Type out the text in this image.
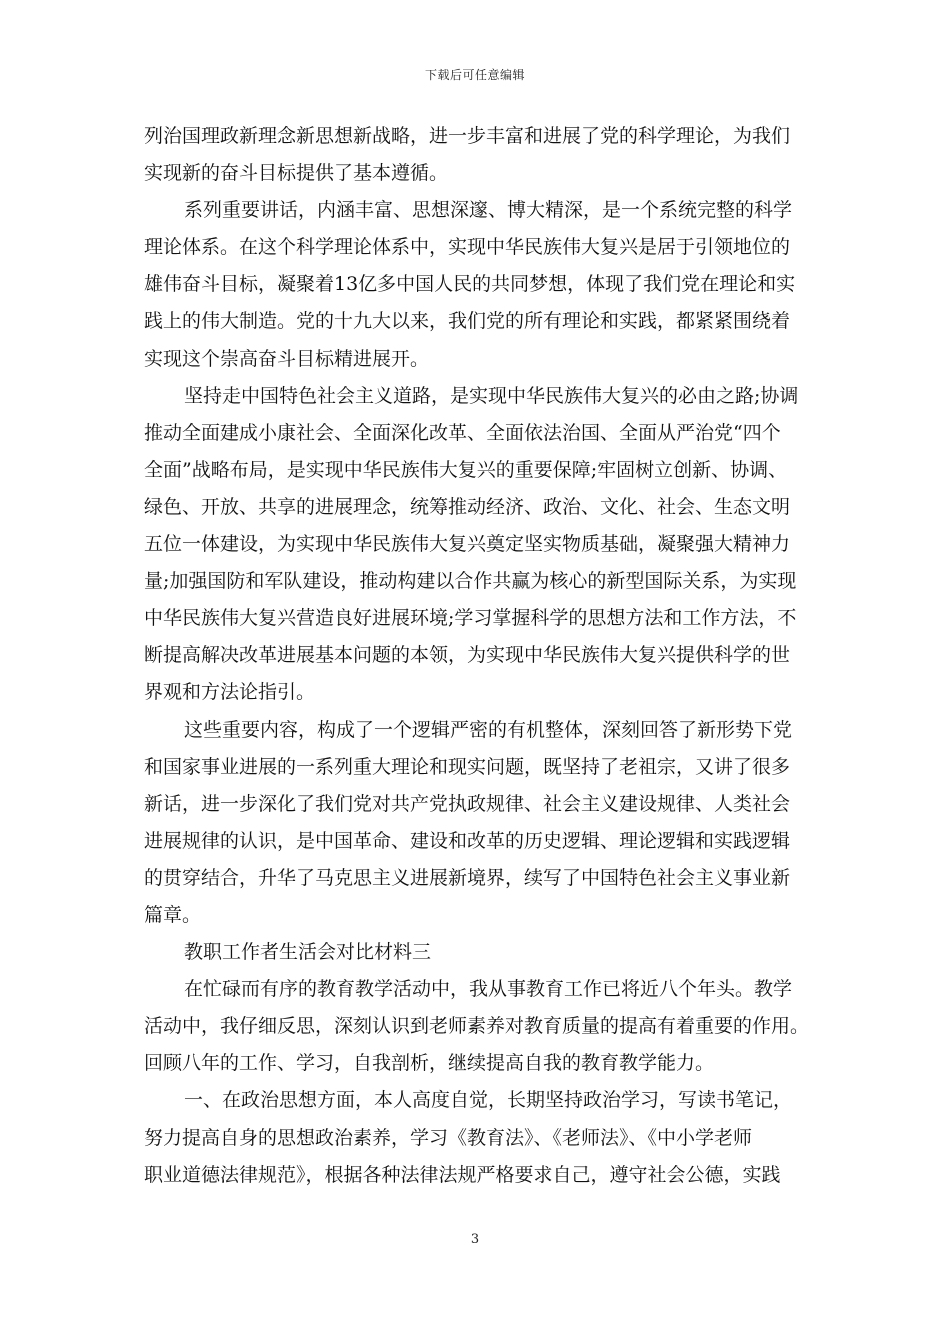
下载后可任意编辑
列治国理政新理念新思想新战略，进一步丰富和进展了党的科学理论，为我们
实现新的奋斗目标提供了基本遵循。
系列重要讲话，内涵丰富、思想深邃、博大精深，是一个系统完整的科学
理论体系。在这个科学理论体系中，实现中华民族伟大复兴是居于引领地位的
雄伟奋斗目标，凝聚着13亿多中国人民的共同梦想，体现了我们党在理论和实
践上的伟大制造。党的十九大以来，我们党的所有理论和实践，都紧紧围绕着
实现这个崇高奋斗目标精进展开。
坚持走中国特色社会主义道路，是实现中华民族伟大复兴的必由之路;协调
推动全面建成小康社会、全面深化改革、全面依法治国、全面从严治党“四个
全面”战略布局，是实现中华民族伟大复兴的重要保障;牢固树立创新、协调、
绿色、开放、共享的进展理念，统筹推动经济、政治、文化、社会、生态文明
五位一体建设，为实现中华民族伟大复兴奠定坚实物质基础，凝聚强大精神力
量;加强国防和军队建设，推动构建以合作共赢为核心的新型国际关系，为实现
中华民族伟大复兴营造良好进展环境;学习掌握科学的思想方法和工作方法，不
断提高解决改革进展基本问题的本领，为实现中华民族伟大复兴提供科学的世
界观和方法论指引。
这些重要内容，构成了一个逻辑严密的有机整体，深刻回答了新形势下党
和国家事业进展的一系列重大理论和现实问题，既坚持了老祖宗，又讲了很多
新话，进一步深化了我们党对共产党执政规律、社会主义建设规律、人类社会
进展规律的认识，是中国革命、建设和改革的历史逻辑、理论逻辑和实践逻辑
的贯穿结合，升华了马克思主义进展新境界，续写了中国特色社会主义事业新
篇章。
教职工作者生活会对比材料三
在忙碌而有序的教育教学活动中，我从事教育工作已将近八个年头。教学
活动中，我仔细反思，深刻认识到老师素养对教育质量的提高有着重要的作用。
回顾八年的工作、学习，自我剖析，继续提高自我的教育教学能力。
一、在政治思想方面，本人高度自觉，长期坚持政治学习，写读书笔记，
努力提高自身的思想政治素养，学习《教育法》、《老师法》、《中小学老师
职业道德法律规范》，根据各种法律法规严格要求自己，遵守社会公德，实践
3
